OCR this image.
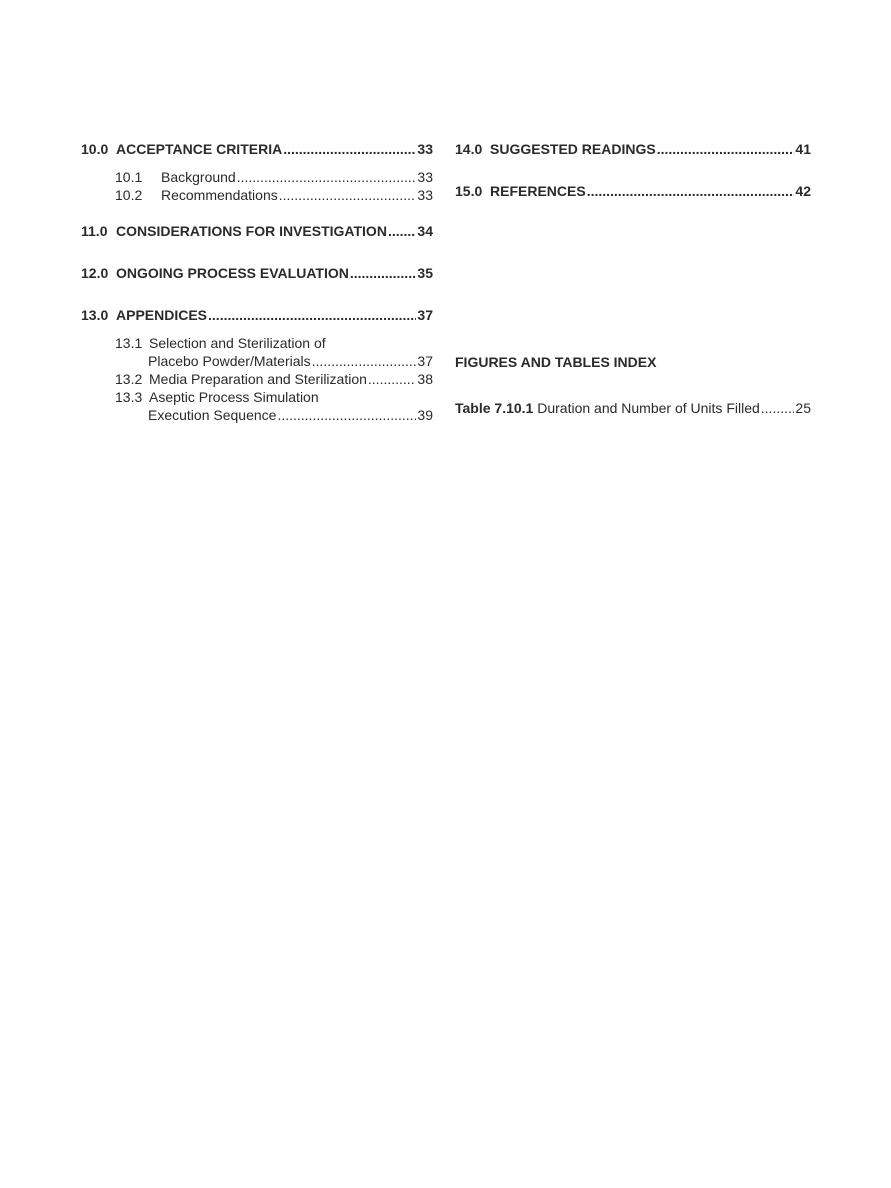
10.0 ACCEPTANCE CRITERIA .....	33
10.1 Background .....	33
10.2 Recommendations .....	33
11.0 CONSIDERATIONS FOR INVESTIGATION ..... 34
12.0 ONGOING PROCESS EVALUATION .....	35
13.0 APPENDICES .....	37
13.1 Selection and Sterilization of
Placebo Powder/Materials .....	37
13.2 Media Preparation and Sterilization .....	38
13.3 Aseptic Process Simulation
Execution Sequence .....	39
14.0 SUGGESTED READINGS .....	41
15.0 REFERENCES .....	42
FIGURES AND TABLES INDEX
Table 7.10.1 Duration and Number of Units Filled .....	25
